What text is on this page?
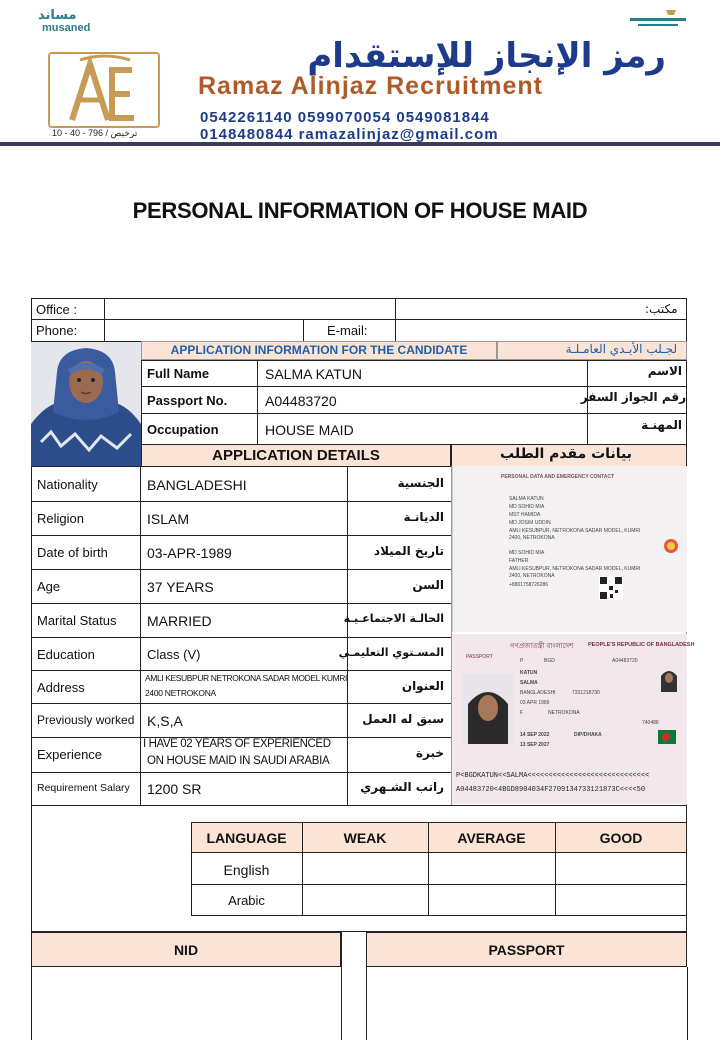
مساند
musaned
10 - 40 - 796 / ترخيص
رمز الإنجاز للإستقدام
Ramaz Alinjaz Recruitment
0542261140 0599070054 0549081844
0148480844 ramazalinjaz@gmail.com
PERSONAL INFORMATION OF HOUSE MAID
Office :	مكتب:
Phone:	E-mail:
APPLICATION INFORMATION FOR THE CANDIDATE	لجـلب الأيـدي العامـلـة
Full Name	SALMA KATUN	الاسم
Passport No.	A04483720	رقم الجواز السفر
Occupation	HOUSE MAID	المهنـة
APPLICATION DETAILS	بيانات مقدم الطلب
Nationality	BANGLADESHI	الجنسية
Religion	ISLAM	الديانـة
Date of birth	03-APR-1989	تاريخ الميلاد
Age	37 YEARS	السن
Marital Status MARRIED	الحالـة الاجتماعـيـة
Education	Class (V)	المسـتوي التعليمـي
Address
AMLI KESUBPUR NETROKONA SADAR MODEL KUMRI
2400 NETROKONA	العنوان
Previously worked K,S,A	سبق له العمل
Experience
I HAVE 02 YEARS OF EXPERIENCED
ON HOUSE MAID IN SAUDI ARABIA
خبرة
Requirement Salary 1200 SR	راتب الشـهري
PERSONAL DATA AND EMERGENCY CONTACT
SALMA KATUN
MD SOHID MIA
MST HAMIDA
MD JOSIM UDDIN
AMLI KESUBPUR, NETROKONA SADAR MODEL, KUMRI
2400, NETROKONA
MD SOHID MIA
FATHER
AMLI KESUBPUR, NETROKONA SADAR MODEL, KUMRI
2400, NETROKONA
+8801758726286
গণপ্রজাতন্ত্রী বাংলাদেশ	PEOPLE'S REPUBLIC OF BANGLADESH
PASSPORT
P	BGD	A04483720
KATUN
SALMA
BANGLADESHI	7331218730
03 APR 1989
F	NETROKONA
740488
14 SEP 2022	DIP/DHAKA
13 SEP 2027
P<BGDKATUN<<SALMA<<<<<<<<<<<<<<<<<<<<<<<<<<<<<
A04483720<4BGD8904034F2709134733121873C<<<<50
LANGUAGE	WEAK	AVERAGE	GOOD
English
Arabic
NID	PASSPORT
